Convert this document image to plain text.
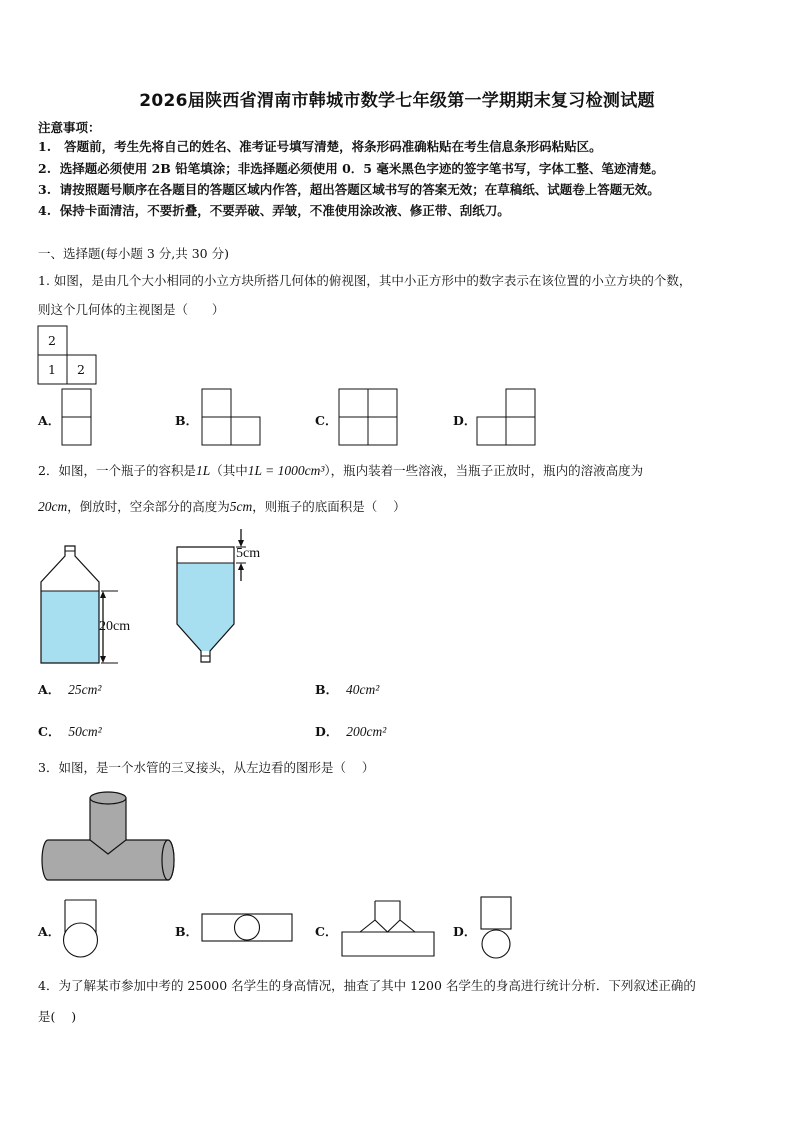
2026届陕西省渭南市韩城市数学七年级第一学期期末复习检测试题
注意事项：
1.   答题前，考生先将自己的姓名、准考证号填写清楚，将条形码准确粘贴在考生信息条形码粘贴区。
2.  选择题必须使用 2B 铅笔填涂；非选择题必须使用 0．5 毫米黑色字迹的签字笔书写，字体工整、笔迹清楚。
3.  请按照题号顺序在各题目的答题区域内作答，超出答题区域书写的答案无效；在草稿纸、试题卷上答题无效。
4.  保持卡面清洁，不要折叠，不要弄破、弄皱，不准使用涂改液、修正带、刮纸刀。
一、选择题(每小题 3 分,共 30 分)
1. 如图，是由几个大小相同的小立方块所搭几何体的俯视图，其中小正方形中的数字表示在该位置的小立方块的个数，
则这个几何体的主视图是（      ）
2
1 2
A．	B．	C．	D．
2．如图，一个瓶子的容积是1L（其中1L = 1000cm³），瓶内装着一些溶液，当瓶子正放时，瓶内的溶液高度为
20cm，倒放时，空余部分的高度为5cm，则瓶子的底面积是（    ）
20cm
5cm
A． 25cm²	B． 40cm²
C． 50cm²	D． 200cm²
3．如图，是一个水管的三叉接头，从左边看的图形是（    ）
A．	B．	C．	D．
4．为了解某市参加中考的 25000 名学生的身高情况，抽查了其中 1200 名学生的身高进行统计分析．下列叙述正确的
是(    )
